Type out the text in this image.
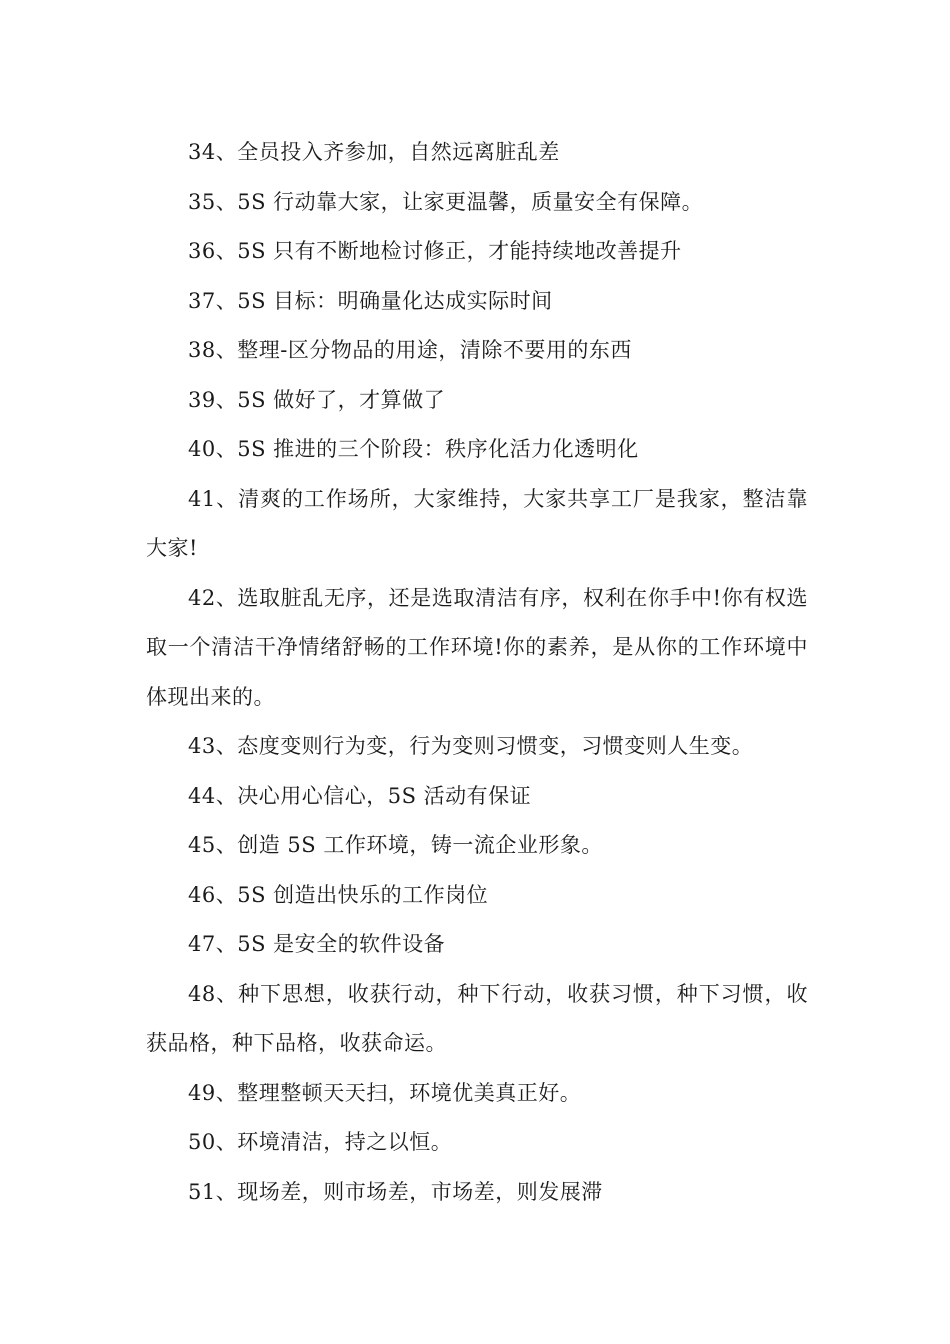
34、全员投入齐参加，自然远离脏乱差

35、5S 行动靠大家，让家更温馨，质量安全有保障。

36、5S 只有不断地检讨修正，才能持续地改善提升

37、5S 目标：明确量化达成实际时间

38、整理-区分物品的用途，清除不要用的东西

39、5S 做好了，才算做了

40、5S 推进的三个阶段：秩序化活力化透明化

41、清爽的工作场所，大家维持，大家共享工厂是我家，整洁靠大家!

42、选取脏乱无序，还是选取清洁有序，权利在你手中!你有权选取一个清洁干净情绪舒畅的工作环境!你的素养，是从你的工作环境中体现出来的。

43、态度变则行为变，行为变则习惯变，习惯变则人生变。

44、决心用心信心，5S 活动有保证

45、创造 5S 工作环境，铸一流企业形象。

46、5S 创造出快乐的工作岗位

47、5S 是安全的软件设备

48、种下思想，收获行动，种下行动，收获习惯，种下习惯，收获品格，种下品格，收获命运。

49、整理整顿天天扫，环境优美真正好。

50、环境清洁，持之以恒。

51、现场差，则市场差，市场差，则发展滞
